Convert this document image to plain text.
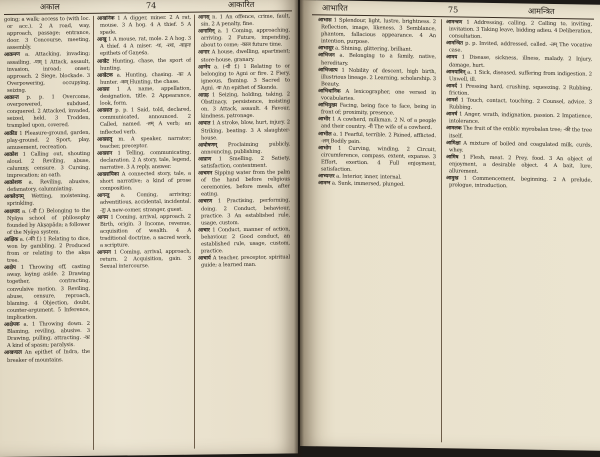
अकाल	74	आकारित

going; a walk; access to (with loc. or acc.). 2 A road, way, approach, passage; entrance, door. 3 Concourse, meeting, assembly.

आक्रमण a. Attacking, invading; assailing. -णम् 1 Attack, assault, invasion, inroad; onset; approach. 2 Siege, blockade. 3 Overpowering, occupying, seizing.

आक्रान्त p. p. 1 Overcome, overpowered, subdued, conquered. 2 Attacked, invaded, seized, held. 3 Trodden, trampled upon, covered.

आक्रीड 1 Pleasure-ground, garden, play-ground. 2 Sport, play, amusement, recreation.

आक्रोश 1 Calling out, shouting aloud. 2 Reviling, abuse, calumny, censure. 3 Cursing, imprecation; an oath.

आक्रोशक a. Reviling, abusive, defamatory, calumniating.

आक्लेदनम् Wetting, moistening, sprinkling.

आक्षपाद a. (-दी f.) Belonging to the Nyāya school of philosophy founded by Akṣapāda; a follower of the Nyāya system.

आक्षिक a. (-की f.) 1 Relating to dice, won by gambling. 2 Produced from or relating to the akṣa tree.

आक्षेप 1 Throwing off, casting away, laying aside. 2 Drawing together, contracting, convulsive motion. 3 Reviling, abuse, censure, reproach, blaming. 4 Objection, doubt, counter-argument. 5 Inference, implication.

आक्षेपक a. 1 Throwing down. 2 Blaming, reviling, abusive. 3 Drawing, pulling, attracting. -कः A kind of spasm; paralysis.

आखण्डल An epithet of Indra, the breaker of mountains.

आखनिक 1 A digger, miner. 2 A rat, mouse. 3 A hog. 4 A thief. 5 A spade.

आखु 1 A mouse, rat, mole. 2 A hog. 3 A thief. 4 A miser. -पः, -रथः, -वाहनः epithets of Gaṇeśa.

आखेट Hunting, chase, the sport of hunting.

आखेटक a. Hunting, chasing. -कः A hunter. -कम् Hunting, the chase.

आख्या 1 A name, appellation, designation, title. 2 Appearance, look, form.

आख्यात p. p. 1 Said, told, declared, communicated, announced. 2 Called, named. -तम् A verb; an inflected verb.

आख्यातृ m. A speaker, narrator; teacher, preceptor.

आख्यान 1 Telling, communicating, declaration. 2 A story, tale, legend, narrative. 3 A reply, answer.

आख्यायिका A connected story, tale, a short narrative; a kind of prose composition.

आगन्तु a. Coming, arriving; adventitious, accidental, incidental. -तुः A new-comer, stranger, guest.

आगम 1 Coming, arrival, approach. 2 Birth, origin. 3 Income, revenue, acquisition of wealth. 4 A traditional doctrine, a sacred work, a scripture.

आगमन 1 Coming, arrival, approach, return. 2 Acquisition, gain. 3 Sexual intercourse.

आगस् n. 1 An offence, crime, fault, sin. 2 A penalty, fine.

आगामिन् a. 1 Coming, approaching, arriving. 2 Future, impending, about to come; -काल future time.

आगार A house, dwelling, apartment; store-house, granary.

आग्नेय a. (-यी f.) 1 Relating to or belonging to Agni or fire. 2 Fiery, igneous, flaming. 3 Sacred to Agni. -यः An epithet of Skanda.

आग्रह 1 Seizing, holding, taking. 2 Obstinacy, persistence, insisting on. 3 Attack, assault. 4 Favour, kindness, patronage.

आघात 1 A stroke, blow, hurt, injury. 2 Striking, beating. 3 A slaughter-house.

आघोषणम् Proclaiming publicly, announcing, publishing.

आघ्राण 1 Smelling. 2 Satiety, satisfaction, contentment.

आचमन Sipping water from the palm of the hand before religious ceremonies, before meals, after eating.

आचरण 1 Practising, performing, doing. 2 Conduct, behaviour, practice. 3 An established rule, usage, custom.

आचार 1 Conduct, manner of action, behaviour. 2 Good conduct, an established rule, usage, custom, practice.

आचार्य A teacher, preceptor, spiritual guide; a learned man.

आभारित	75	आमन्त्रित

आभास 1 Splendour, light, lustre, brightness. 2 Reflection, image, likeness. 3 Semblance, phantom, fallacious appearance. 4 An intention, purpose.

आभासुर a. Shining, glittering, brilliant.

आभिजन a. Belonging to a family, native, hereditary.

आभिजात्य 1 Nobility of descent, high birth, illustrious lineage. 2 Learning, scholarship. 3 Beauty.

आभिधानिक A lexicographer, one versed in vocabularies.

आभिमुख्य Facing, being face to face, being in front of; proximity, presence.

आभीर 1 A cowherd, milkman. 2 N. of a people and their country. -री The wife of a cowherd.

आभील a. 1 Fearful, terrible. 2 Pained, afflicted. -लम् Bodily pain.

आभोग 1 Curving, winding. 2 Circuit, circumference, compass, extent, expanse. 3 Effort, exertion. 4 Full enjoyment, satisfaction.

आभ्यन्तर a. Interior, inner, internal.

आमग्न a. Sunk, immersed, plunged.

आमन्त्रण 1 Addressing, calling. 2 Calling to, inviting, invitation. 3 Taking leave, bidding adieu. 4 Deliberation, consultation.

आमन्त्रित p. p. Invited, addressed, called. -तम् The vocative case.

आमय 1 Disease, sickness, illness, malady. 2 Injury, damage, hurt.

आमयाविन् a. 1 Sick, diseased, suffering from indigestion. 2 Unwell, ill.

आमर्द 1 Pressing hard, crushing, squeezing. 2 Rubbing, friction.

आमर्श 1 Touch, contact, touching. 2 Counsel, advice. 3 Rubbing.

आमर्ष 1 Anger, wrath, indignation, passion. 2 Impatience, intolerance.

आमलक The fruit of the emblic myrobalan tree; -की the tree itself.

आमिक्षा A mixture of boiled and coagulated milk, curds, whey.

आमिष 1 Flesh, meat. 2 Prey, food. 3 An object of enjoyment, a desirable object. 4 A bait, lure, allurement.

आमुख 1 Commencement, beginning. 2 A prelude, prologue, introduction.
